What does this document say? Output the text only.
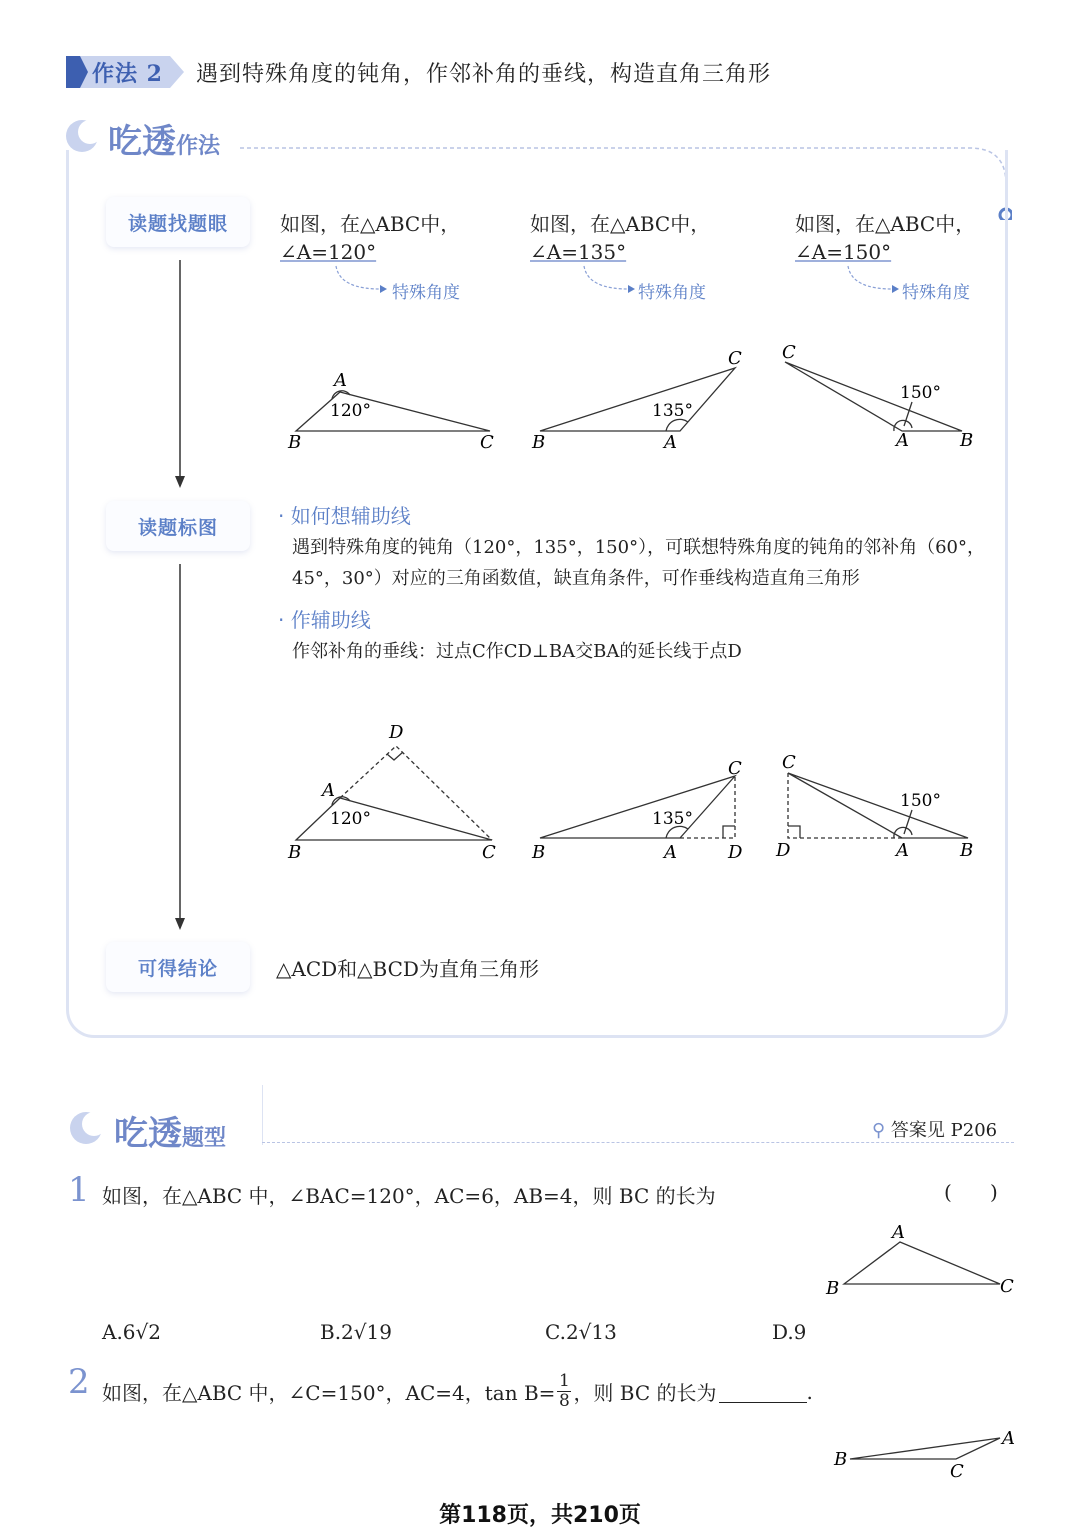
作法 2 遇到特殊角度的钝角，作邻补角的垂线，构造直角三角形
吃透作法
读题找题眼
读题标图
可得结论
如图，在△ABC中，
∠A=120°
如图，在△ABC中，
∠A=135°
如图，在△ABC中，
∠A=150°
特殊角度	特殊角度	特殊角度
A
B	C
120°
B	A
C
135°
C
A	B
150°
· 如何想辅助线
遇到特殊角度的钝角（120°，135°，150°），可联想特殊角度的钝角的邻补角（60°，
45°，30°）对应的三角函数值，缺直角条件，可作垂线构造直角三角形
· 作辅助线
作邻补角的垂线：过点C作CD⊥BA交BA的延长线于点D
D
A
B	C
120°
B	A	D
C
135°
C
D	A	B
150°
△ACD和△BCD为直角三角形
吃透题型	⚲ 答案见 P206
1 如图，在△ABC 中，∠BAC=120°，AC=6，AB=4，则 BC 的长为	(      )
A
B	C
A.6√2	B.2√19	C.2√13	D.9
2 如图，在△ABC 中，∠C=150°，AC=4，tan B= 1
8 ，则 BC 的长为	.
A
B
C
第118页，共210页
